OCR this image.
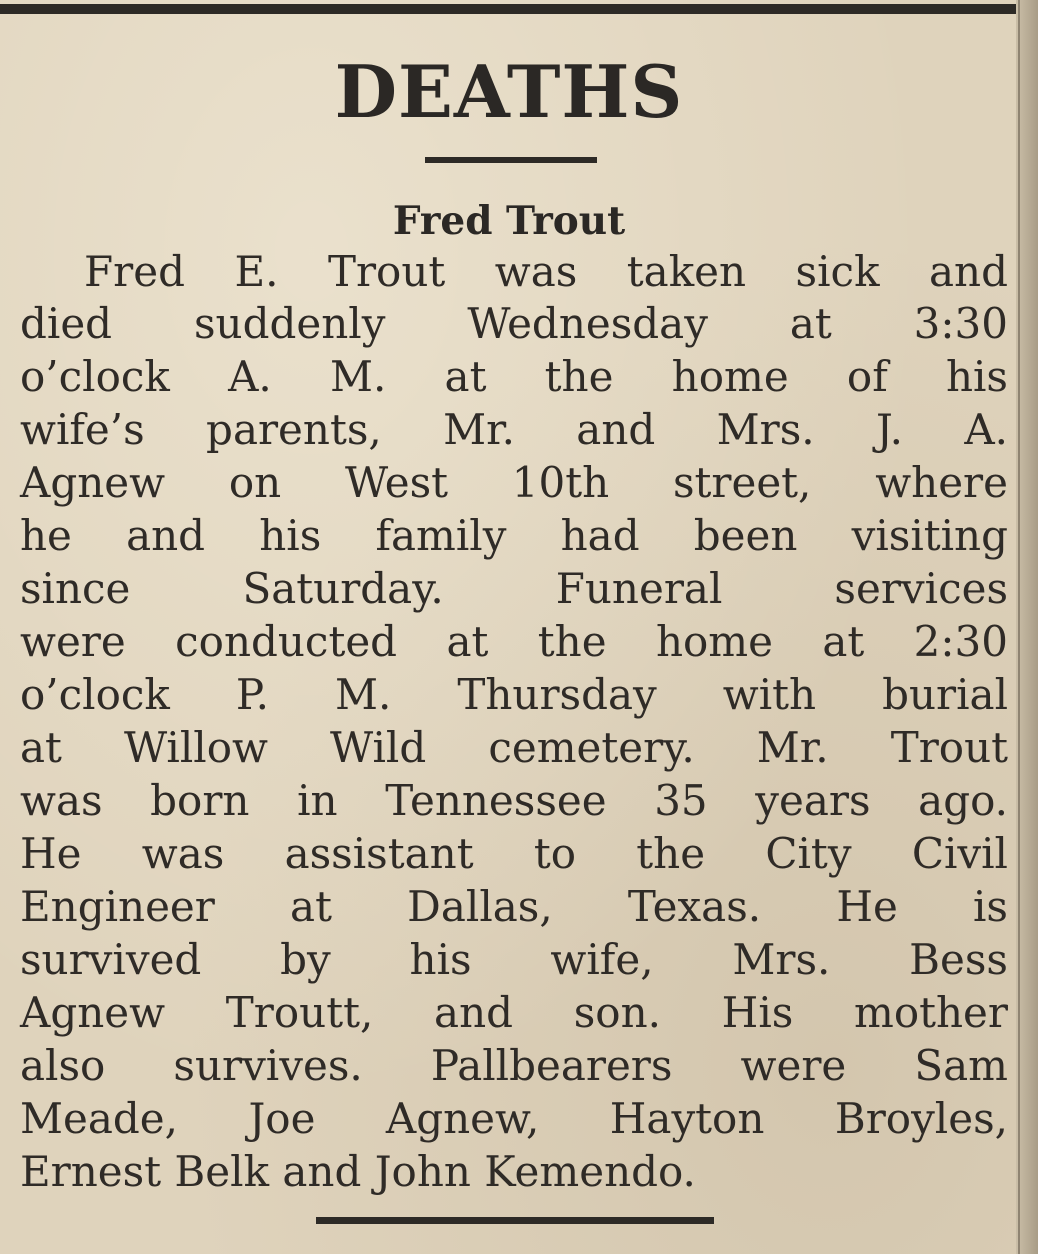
DEATHS
Fred Trout

Fred E. Trout was taken sick and

died suddenly Wednesday at 3:30

o’clock A. M. at the home of his

wife’s parents, Mr. and Mrs. J. A.

Agnew on West 10th street, where

he and his family had been visiting

since Saturday. Funeral services

were conducted at the home at 2:30

o’clock P. M. Thursday with burial

at Willow Wild cemetery. Mr. Trout

was born in Tennessee 35 years ago.

He was assistant to the City Civil

Engineer at Dallas, Texas. He is

survived by his wife, Mrs. Bess

Agnew Troutt, and son. His mother

also survives. Pallbearers were Sam

Meade, Joe Agnew, Hayton Broyles,

Ernest Belk and John Kemendo.
